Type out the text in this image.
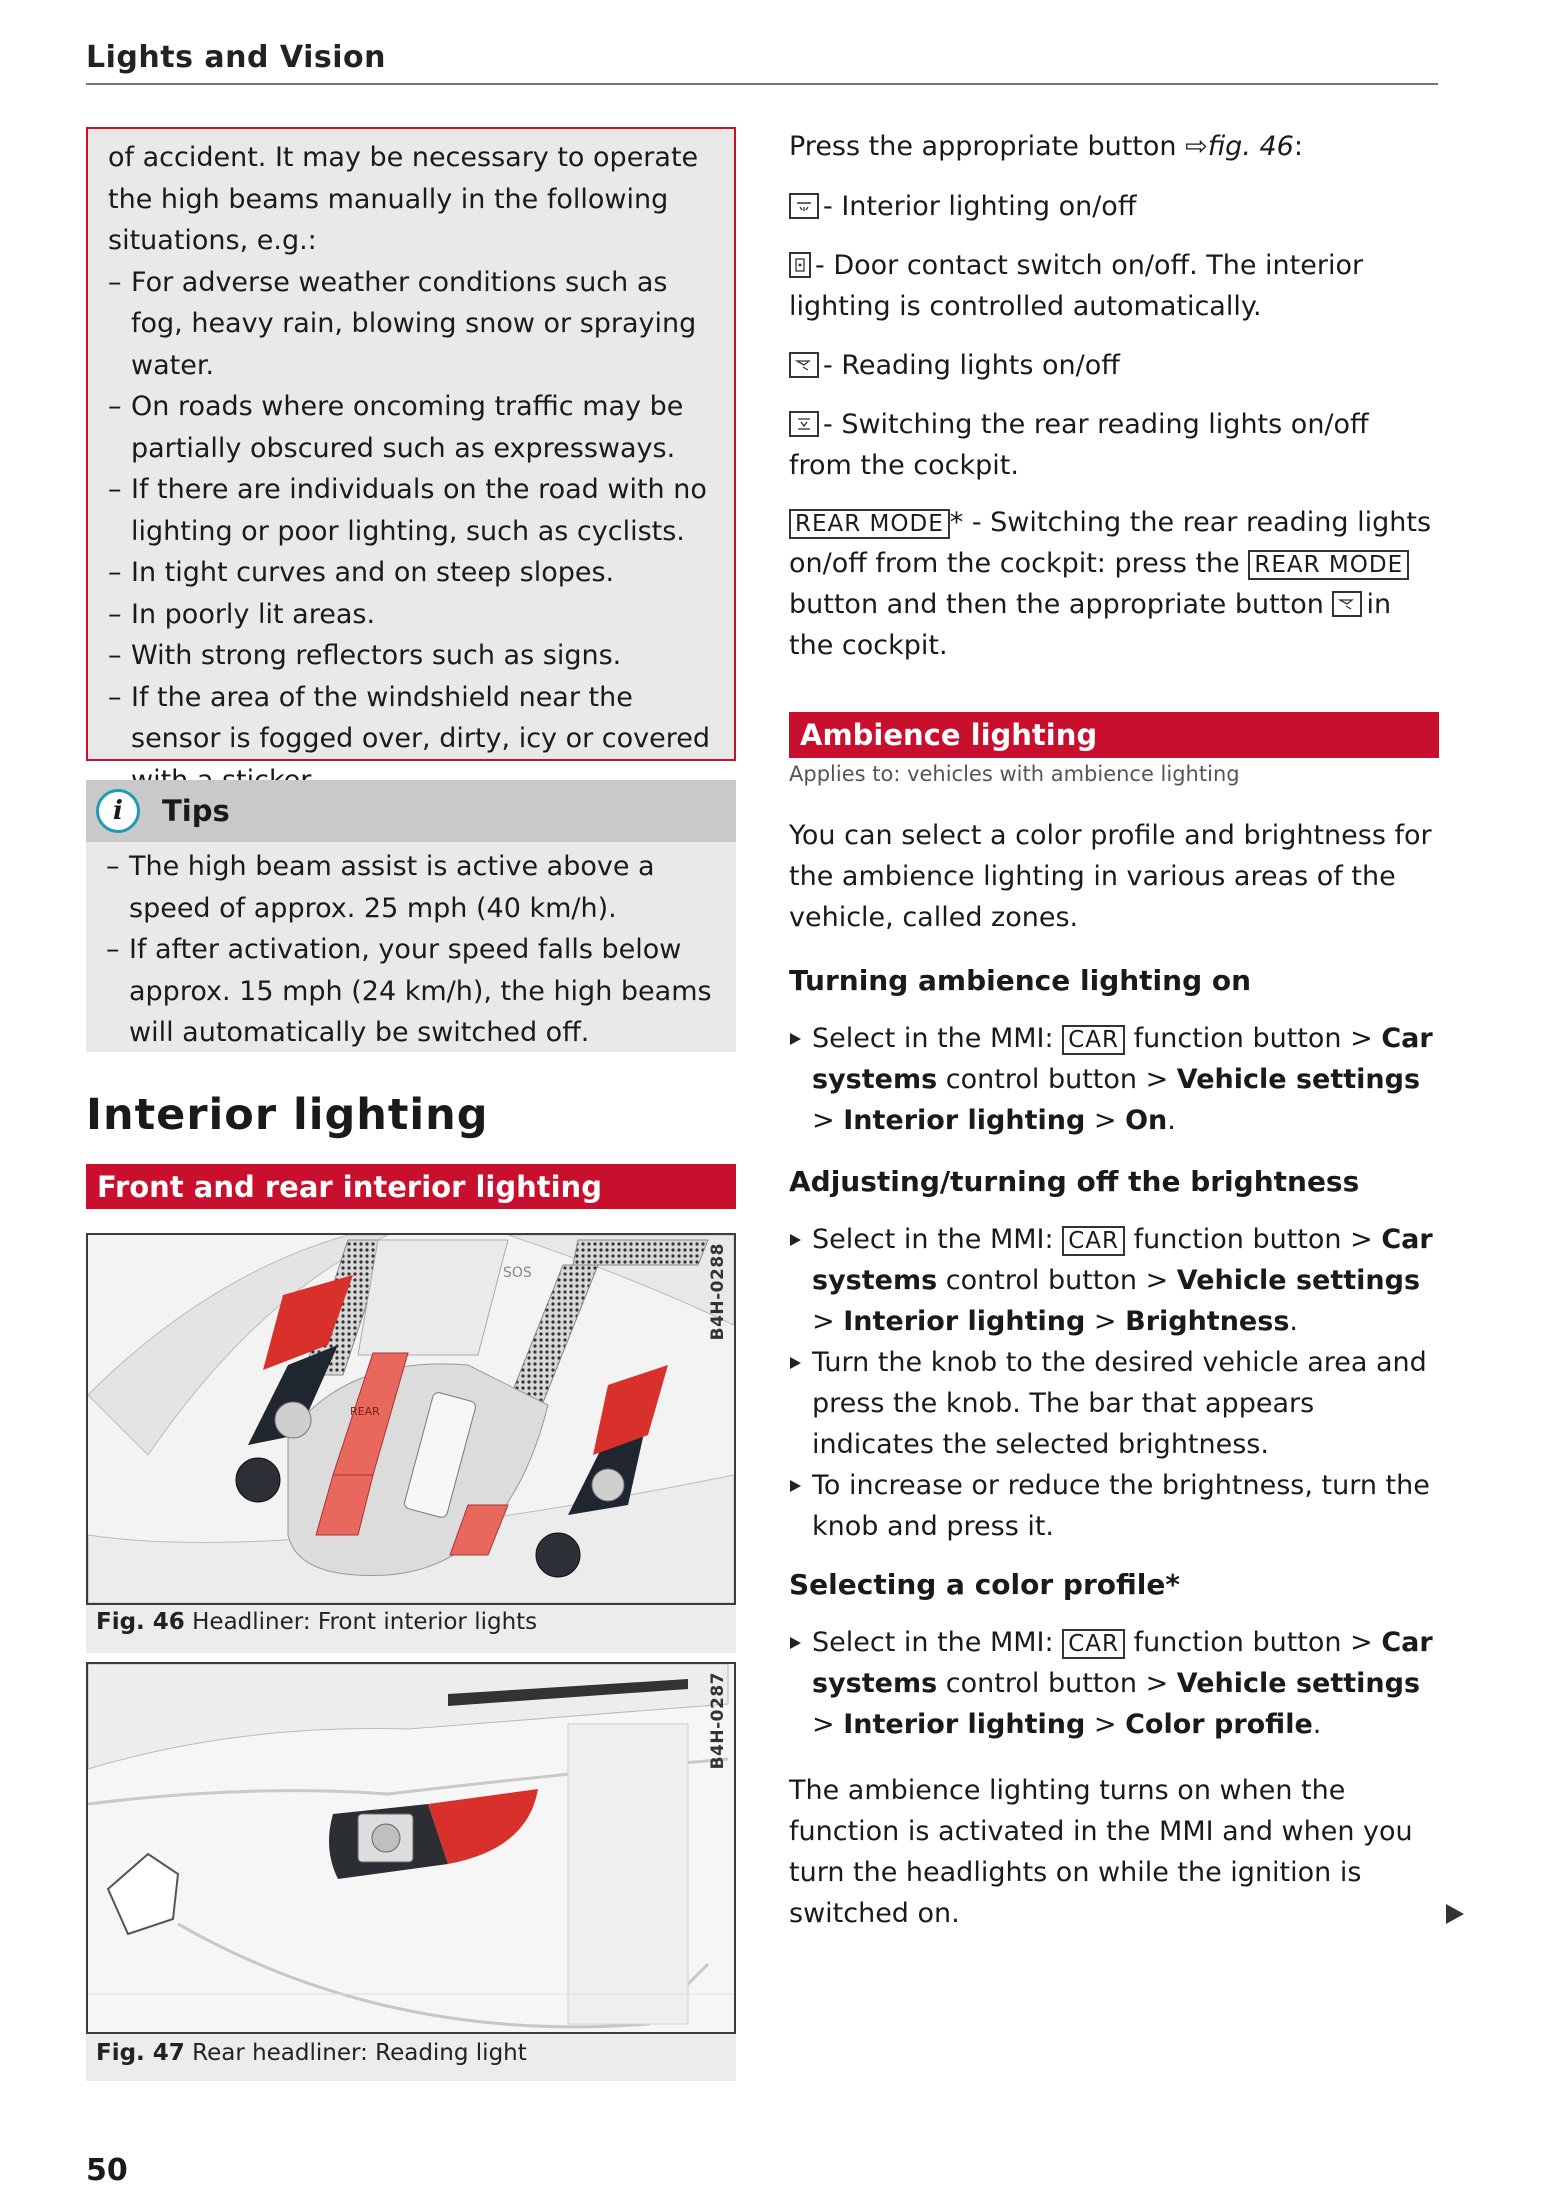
Lights and Vision

of accident. It may be necessary to operate the high beams manually in the following situations, e.g.:

– For adverse weather conditions such as fog, heavy rain, blowing snow or spraying water.
– On roads where oncoming traffic may be partially obscured such as expressways.
– If there are individuals on the road with no lighting or poor lighting, such as cyclists.
– In tight curves and on steep slopes.
– In poorly lit areas.
– With strong reflectors such as signs.
– If the area of the windshield near the sensor is fogged over, dirty, icy or covered
i	Tips
– The high beam assist is active above a speed of approx. 25 mph (40 km/h).
– If after activation, your speed falls below approx. 15 mph (24 km/h), the high beams will automatically be switched off.
Interior lighting
Front and rear interior lighting
SOS
REAR
B4H-0288
Fig. 46 Headliner: Front interior lights
B4H-0287
Fig. 47 Rear headliner: Reading light
Press the appropriate button ⇨fig. 46:
- Interior lighting on/off
- Door contact switch on/off. The interior lighting is controlled automatically.
- Reading lights on/off
- Switching the rear reading lights on/off from the cockpit.
REAR MODE * - Switching the rear reading lights on/off from the cockpit: press the REAR MODE button and then the appropriate button in the cockpit.
Ambience lighting
Applies to: vehicles with ambience lighting
You can select a color profile and brightness for the ambience lighting in various areas of the vehicle, called zones.
Turning ambience lighting on
Select in the MMI: CAR function button > Car systems control button > Vehicle settings > Interior lighting > On.
Adjusting/turning off the brightness
Select in the MMI: CAR function button > Car systems control button > Vehicle settings > Interior lighting > Brightness.
Turn the knob to the desired vehicle area and press the knob. The bar that appears indicates the selected brightness.
To increase or reduce the brightness, turn the knob and press it.
Selecting a color profile*
Select in the MMI: CAR function button > Car systems control button > Vehicle settings > Interior lighting > Color profile.
The ambience lighting turns on when the function is activated in the MMI and when you turn the headlights on while the ignition is switched on.
50
